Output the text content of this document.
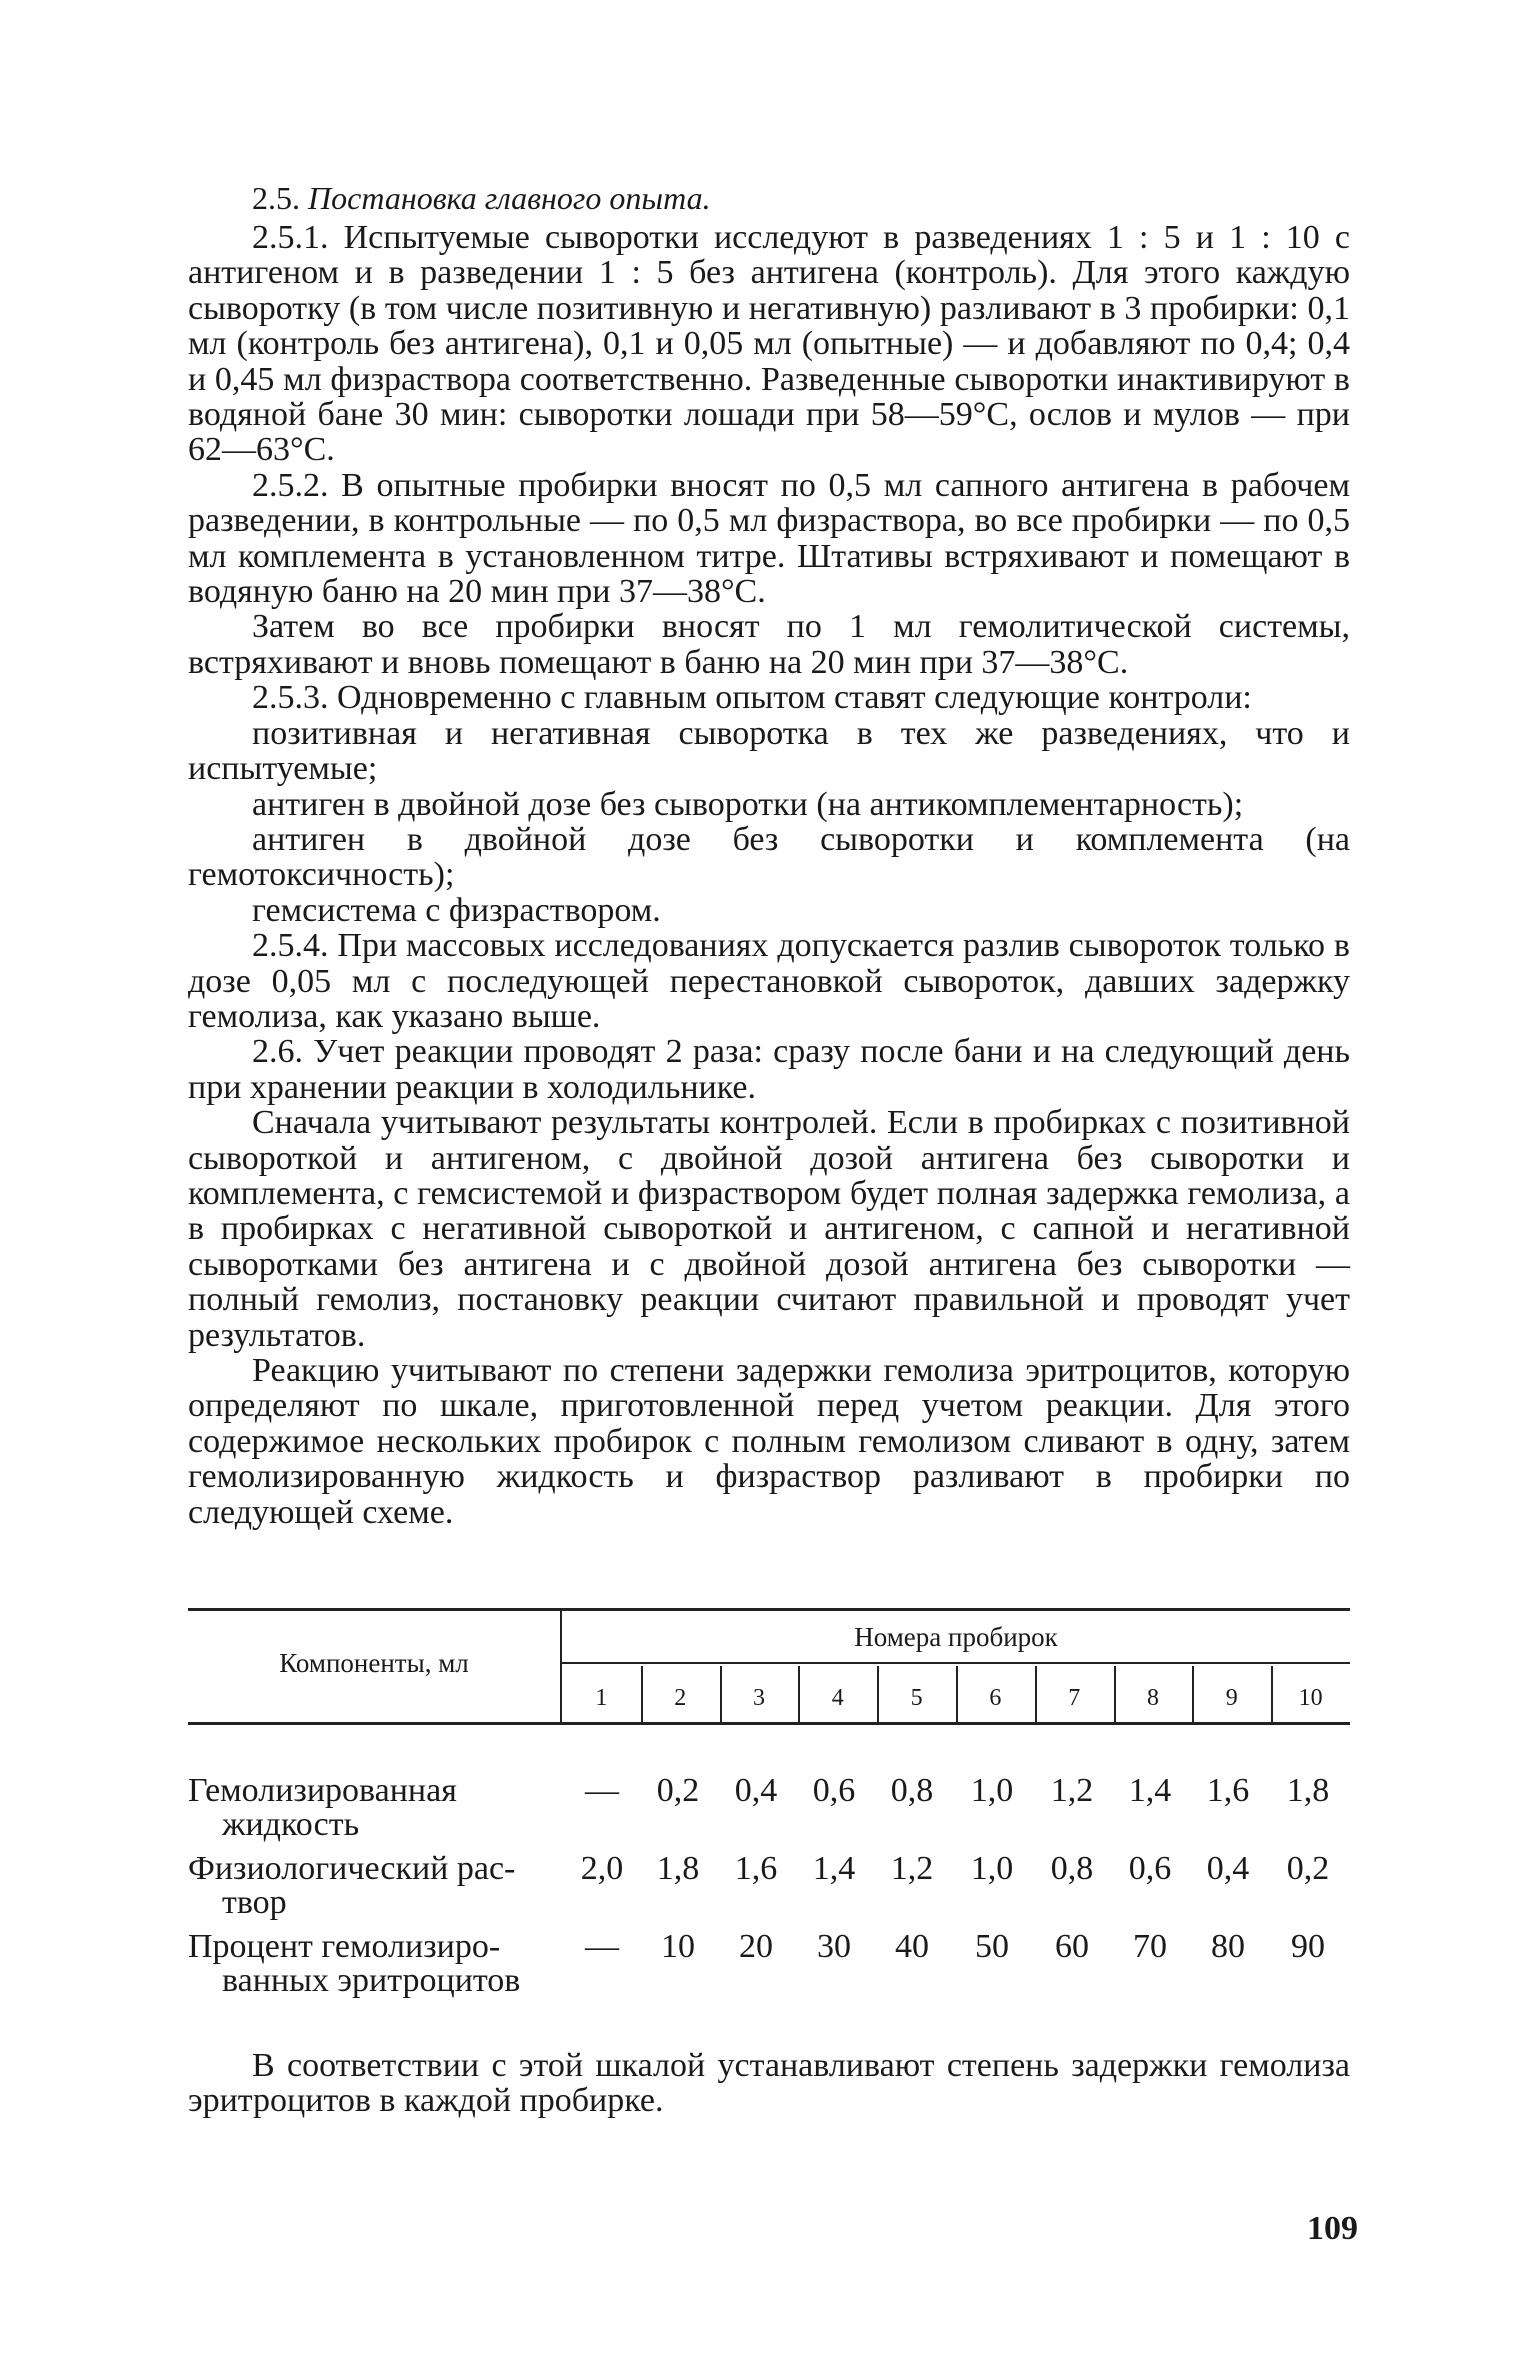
2.5. Постановка главного опыта.

2.5.1. Испытуемые сыворотки исследуют в разведениях 1 : 5 и 1 : 10 с антигеном и в разведении 1 : 5 без антигена (контроль). Для этого каждую сыворотку (в том числе позитивную и негативную) разливают в 3 пробирки: 0,1 мл (контроль без антигена), 0,1 и 0,05 мл (опытные) — и добавляют по 0,4; 0,4 и 0,45 мл физраствора соответственно. Разведенные сыворотки инактивируют в водяной бане 30 мин: сыворотки лошади при 58—59°С, ослов и мулов — при 62—63°С.

2.5.2. В опытные пробирки вносят по 0,5 мл сапного антигена в рабочем разведении, в контрольные — по 0,5 мл физраствора, во все пробирки — по 0,5 мл комплемента в установленном титре. Штативы встряхивают и помещают в водяную баню на 20 мин при 37—38°С.

Затем во все пробирки вносят по 1 мл гемолитической системы, встряхивают и вновь помещают в баню на 20 мин при 37—38°С.

2.5.3. Одновременно с главным опытом ставят следующие контроли:

позитивная и негативная сыворотка в тех же разведениях, что и испытуемые;

антиген в двойной дозе без сыворотки (на антикомплементарность);

антиген в двойной дозе без сыворотки и комплемента (на гемотоксичность);

гемсистема с физраствором.

2.5.4. При массовых исследованиях допускается разлив сывороток только в дозе 0,05 мл с последующей перестановкой сывороток, давших задержку гемолиза, как указано выше.

2.6. Учет реакции проводят 2 раза: сразу после бани и на следующий день при хранении реакции в холодильнике.

Сначала учитывают результаты контролей. Если в пробирках с позитивной сывороткой и антигеном, с двойной дозой антигена без сыворотки и комплемента, с гемсистемой и физраствором будет полная задержка гемолиза, а в пробирках с негативной сывороткой и антигеном, с сапной и негативной сыворотками без антигена и с двойной дозой антигена без сыворотки — полный гемолиз, постановку реакции считают правильной и проводят учет результатов.

Реакцию учитывают по степени задержки гемолиза эритроцитов, которую определяют по шкале, приготовленной перед учетом реакции. Для этого содержимое нескольких пробирок с полным гемолизом сливают в одну, затем гемолизированную жидкость и физраствор разливают в пробирки по следующей схеме.

Компоненты, мл
Номера пробирок
1	2	3	4	5	6	7	8	9	10
Гемолизированная
жидкость
—	0,2	0,4	0,6	0,8	1,0	1,2	1,4	1,6	1,8
Физиологический рас-
твор
2,0 1,8	1,6	1,4	1,2	1,0	0,8	0,6	0,4	0,2
Процент гемолизиро-
ванных эритроцитов
—	10	20	30	40	50	60	70	80	90

В соответствии с этой шкалой устанавливают степень задержки гемолиза эритроцитов в каждой пробирке.

109
